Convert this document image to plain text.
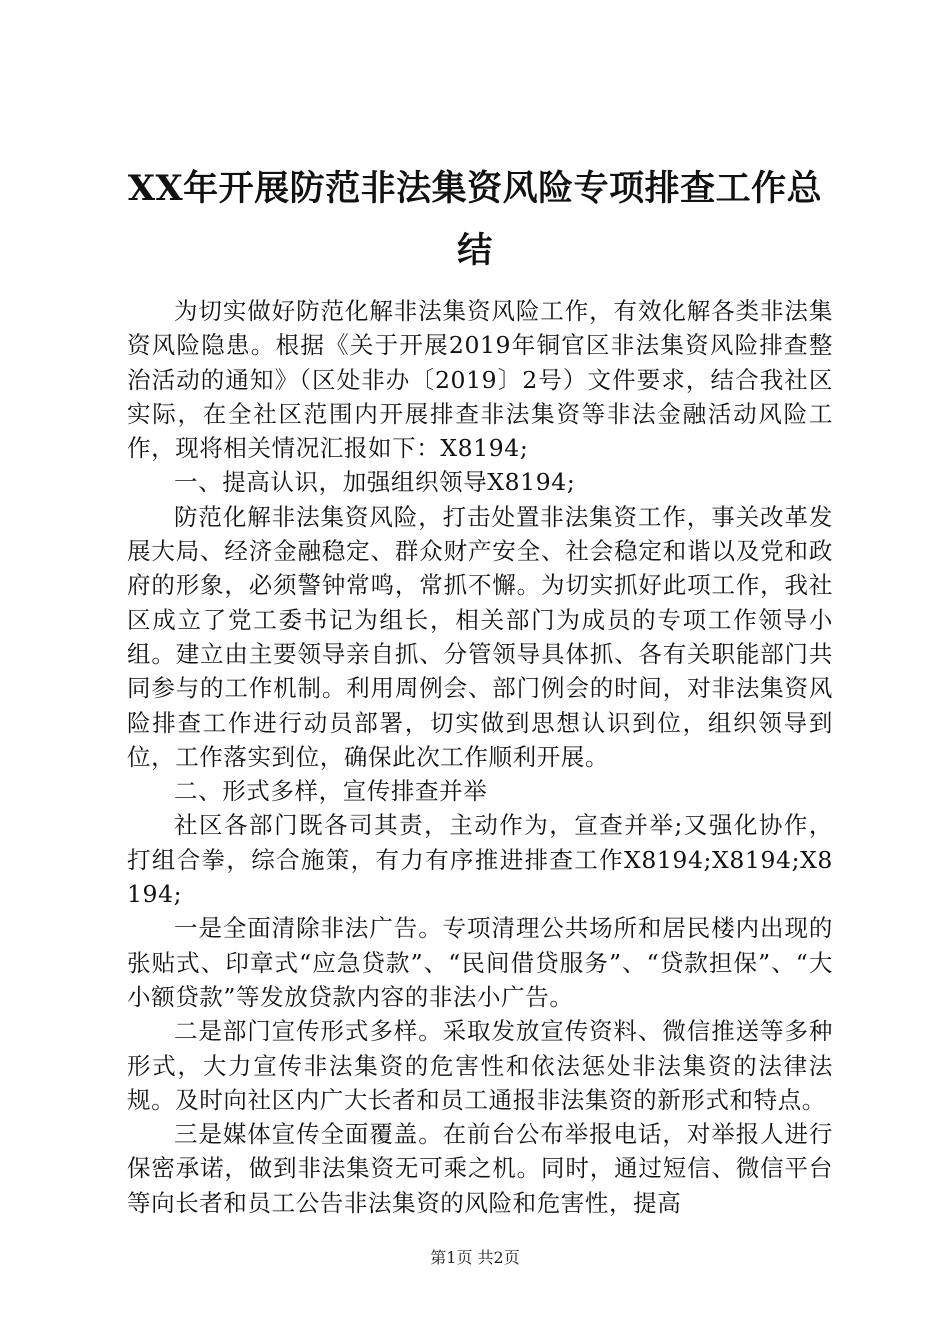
XX年开展防范非法集资风险专项排查工作总结

为切实做好防范化解非法集资风险工作，有效化解各类非法集资风险隐患。根据《关于开展2019年铜官区非法集资风险排查整治活动的通知》（区处非办〔2019〕2号）文件要求，结合我社区实际，在全社区范围内开展排查非法集资等非法金融活动风险工作，现将相关情况汇报如下：X8194;

一、提高认识，加强组织领导X8194;

防范化解非法集资风险，打击处置非法集资工作，事关改革发展大局、经济金融稳定、群众财产安全、社会稳定和谐以及党和政府的形象，必须警钟常鸣，常抓不懈。为切实抓好此项工作，我社区成立了党工委书记为组长，相关部门为成员的专项工作领导小组。建立由主要领导亲自抓、分管领导具体抓、各有关职能部门共同参与的工作机制。利用周例会、部门例会的时间，对非法集资风险排查工作进行动员部署，切实做到思想认识到位，组织领导到位，工作落实到位，确保此次工作顺利开展。

二、形式多样，宣传排查并举

社区各部门既各司其责，主动作为，宣查并举;又强化协作，打组合拳，综合施策，有力有序推进排查工作X8194;X8194;X8194;

一是全面清除非法广告。专项清理公共场所和居民楼内出现的张贴式、印章式“应急贷款”、“民间借贷服务”、“贷款担保”、“大小额贷款”等发放贷款内容的非法小广告。

二是部门宣传形式多样。采取发放宣传资料、微信推送等多种形式，大力宣传非法集资的危害性和依法惩处非法集资的法律法规。及时向社区内广大长者和员工通报非法集资的新形式和特点。

三是媒体宣传全面覆盖。在前台公布举报电话，对举报人进行保密承诺，做到非法集资无可乘之机。同时，通过短信、微信平台等向长者和员工公告非法集资的风险和危害性，提高

第1页 共2页
